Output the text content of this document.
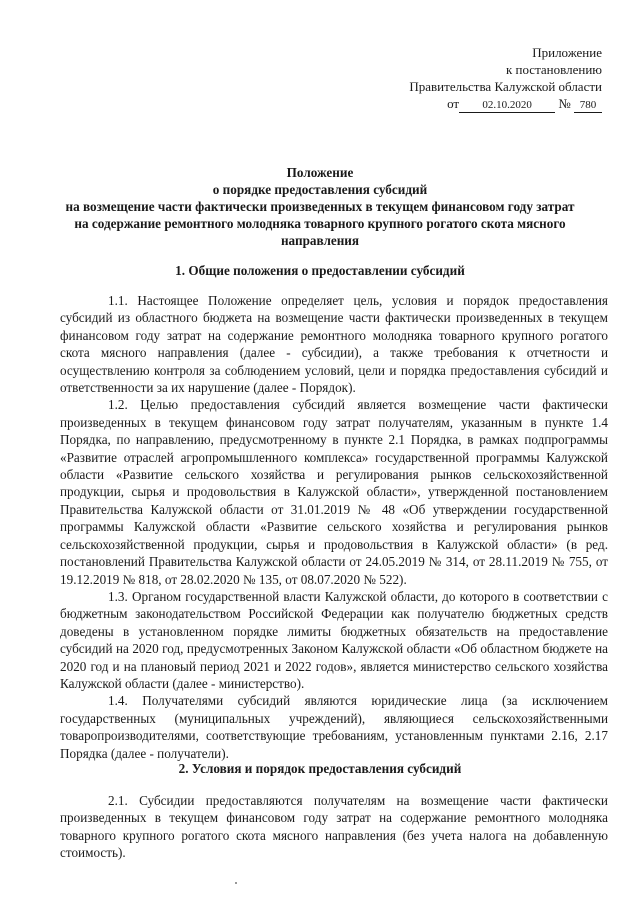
Приложение
к постановлению
Правительства Калужской области
от 02.10.2020 № 780
Положение
о порядке предоставления субсидий
на возмещение части фактически произведенных в текущем финансовом году затрат
на содержание ремонтного молодняка товарного крупного рогатого скота мясного
направления
1. Общие положения о предоставлении субсидий

1.1. Настоящее Положение определяет цель, условия и порядок предоставления субсидий из областного бюджета на возмещение части фактически произведенных в текущем финансовом году затрат на содержание ремонтного молодняка товарного крупного рогатого скота мясного направления (далее - субсидии), а также требования к отчетности и осуществлению контроля за соблюдением условий, цели и порядка предоставления субсидий и ответственности за их нарушение (далее - Порядок).

1.2. Целью предоставления субсидий является возмещение части фактически произведенных в текущем финансовом году затрат получателям, указанным в пункте 1.4 Порядка, по направлению, предусмотренному в пункте 2.1 Порядка, в рамках подпрограммы «Развитие отраслей агропромышленного комплекса» государственной программы Калужской области «Развитие сельского хозяйства и регулирования рынков сельскохозяйственной продукции, сырья и продовольствия в Калужской области», утвержденной постановлением Правительства Калужской области от 31.01.2019 № 48 «Об утверждении государственной программы Калужской области «Развитие сельского хозяйства и регулирования рынков сельскохозяйственной продукции, сырья и продовольствия в Калужской области» (в ред. постановлений Правительства Калужской области от 24.05.2019 № 314, от 28.11.2019 № 755, от 19.12.2019 № 818, от 28.02.2020 № 135, от 08.07.2020 № 522).

1.3. Органом государственной власти Калужской области, до которого в соответствии с бюджетным законодательством Российской Федерации как получателю бюджетных средств доведены в установленном порядке лимиты бюджетных обязательств на предоставление субсидий на 2020 год, предусмотренных Законом Калужской области «Об областном бюджете на 2020 год и на плановый период 2021 и 2022 годов», является министерство сельского хозяйства Калужской области (далее - министерство).

1.4. Получателями субсидий являются юридические лица (за исключением государственных (муниципальных учреждений), являющиеся сельскохозяйственными товаропроизводителями, соответствующие требованиям, установленным пунктами 2.16, 2.17 Порядка (далее - получатели).

2. Условия и порядок предоставления субсидий

2.1. Субсидии предоставляются получателям на возмещение части фактически произведенных в текущем финансовом году затрат на содержание ремонтного молодняка товарного крупного рогатого скота мясного направления (без учета налога на добавленную стоимость).
